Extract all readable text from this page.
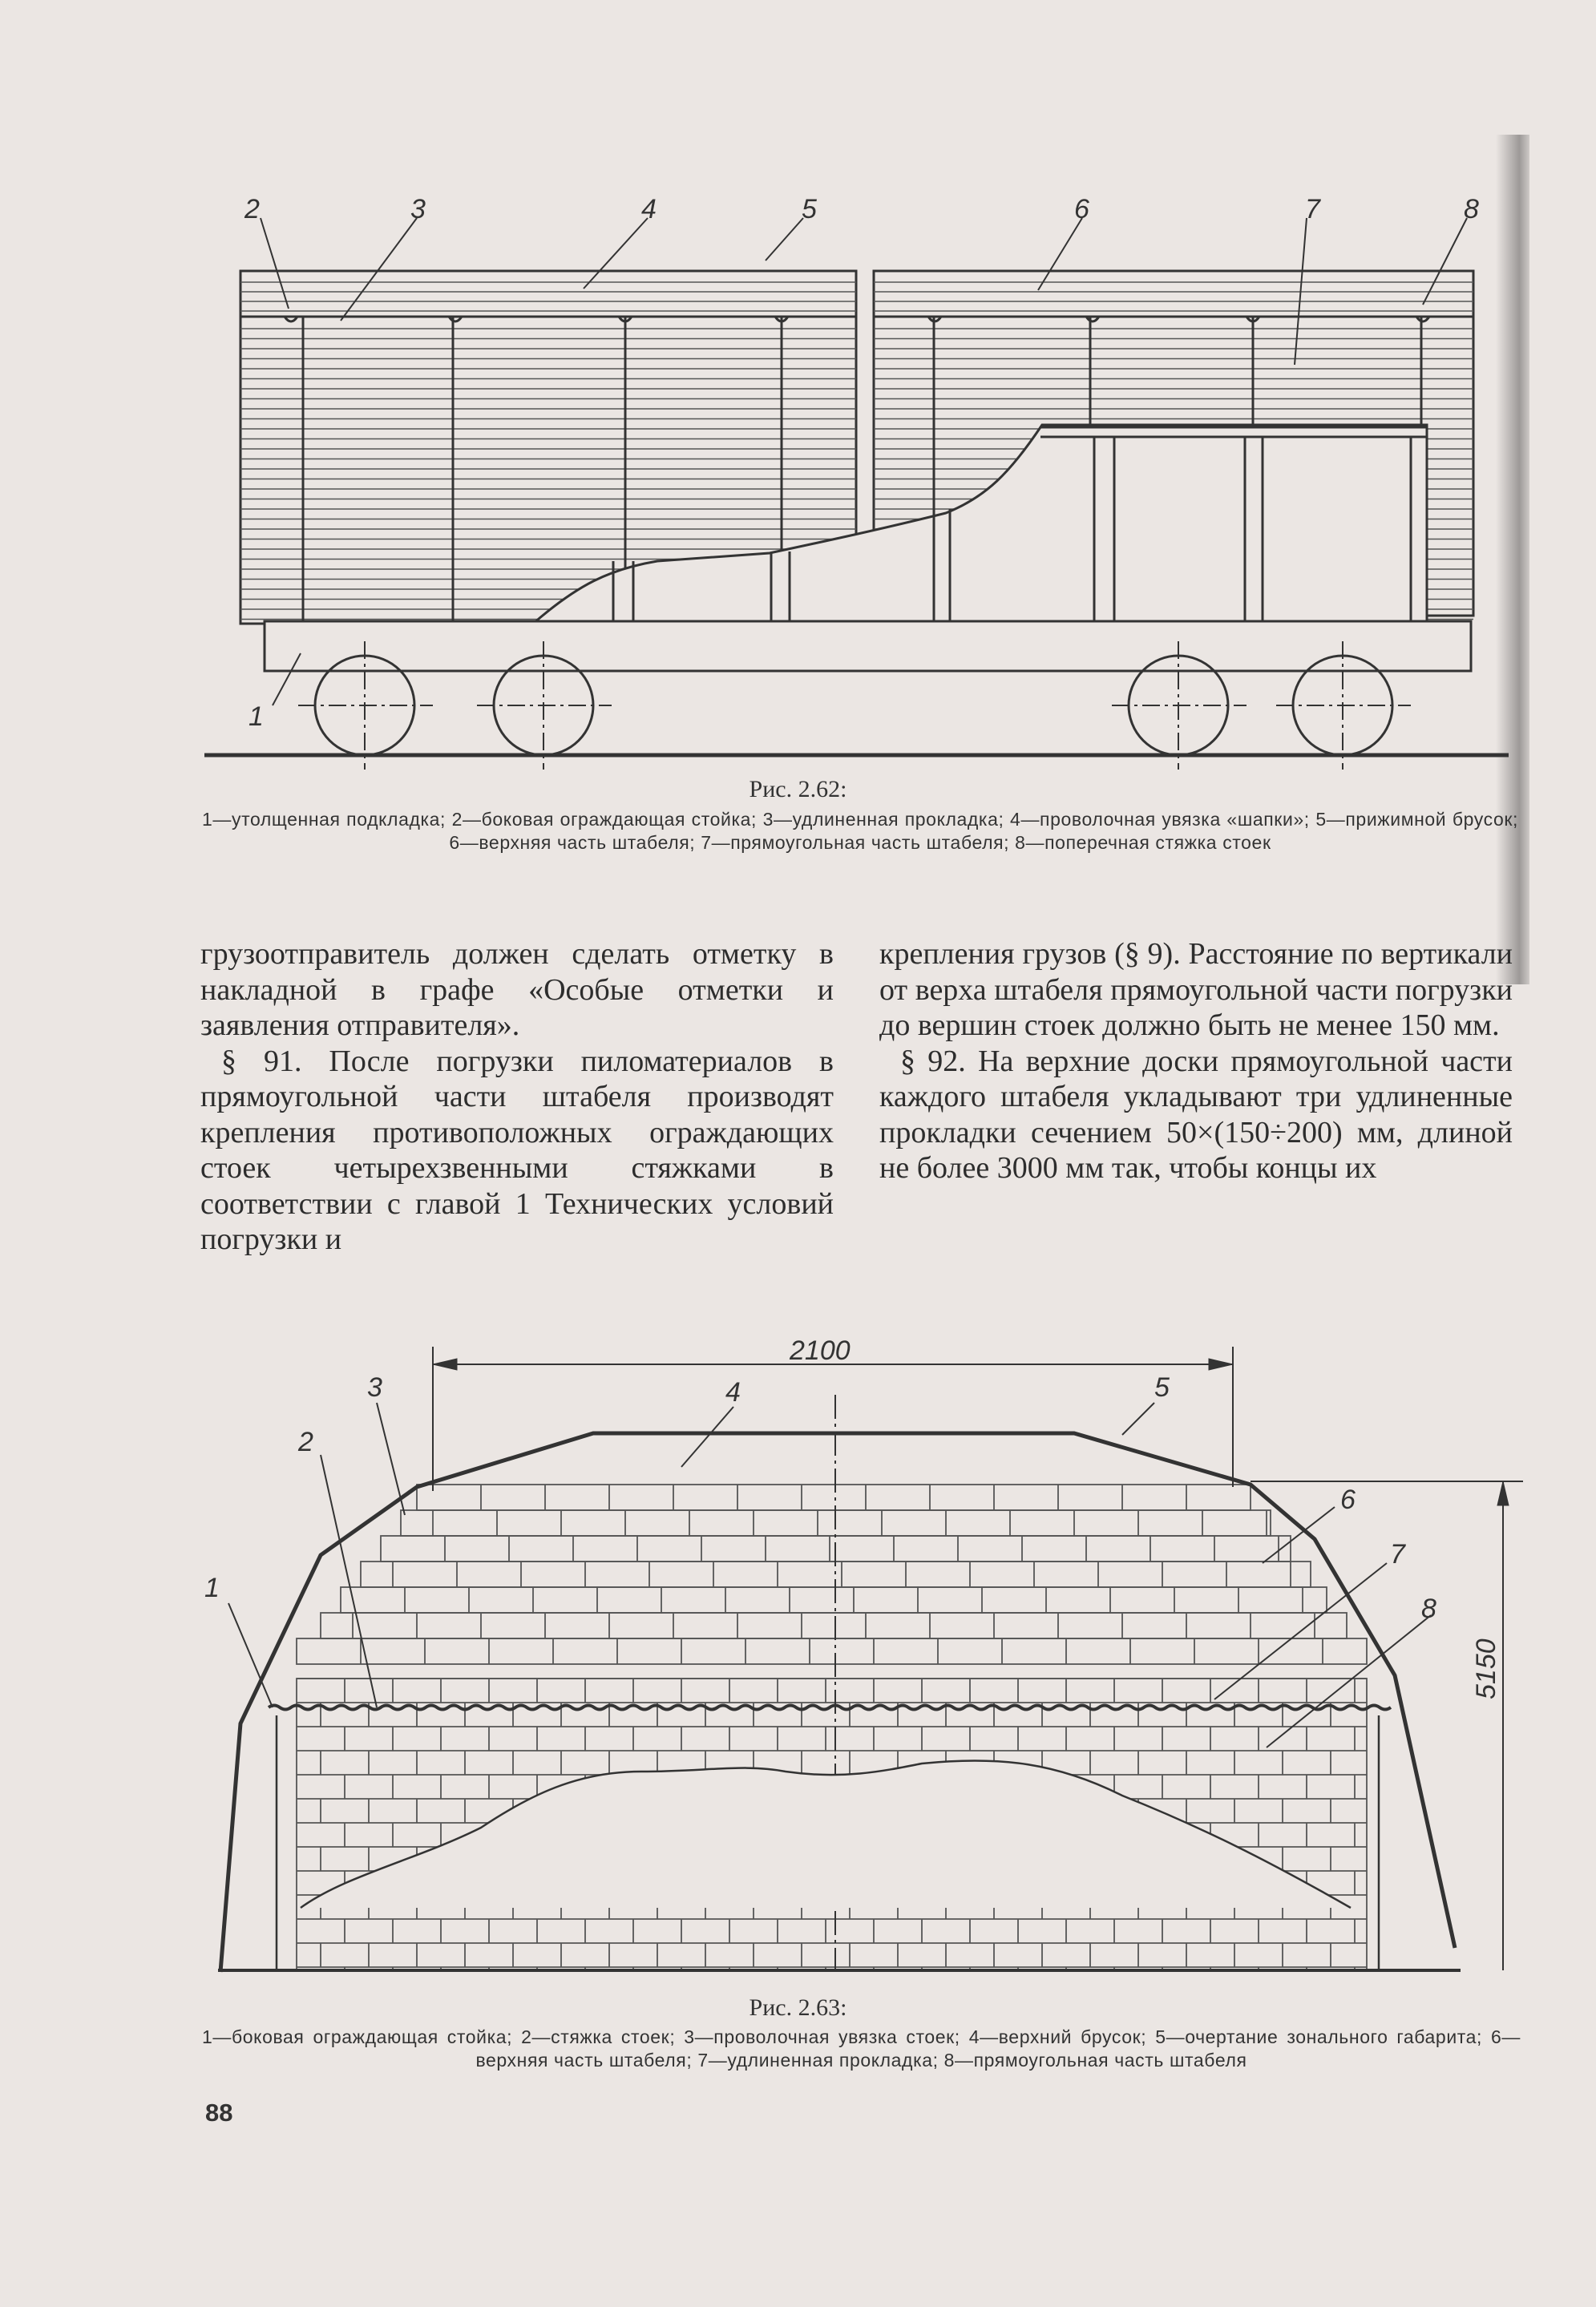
2	3	4	5	6	7	8
1
Рис. 2.62:
1—утолщенная подкладка; 2—боковая ограждающая стойка; 3—удлиненная прокладка; 4—проволочная увязка «шапки»; 5—прижимной брусок; 6—верхняя часть штабеля; 7—прямоугольная часть штабеля; 8—поперечная стяжка стоек

грузоотправитель должен сделать отметку в накладной в графе «Особые отметки и заявления отправителя».

§ 91. После погрузки пиломатериалов в прямоугольной части штабеля производят крепления противоположных ограждающих стоек четырехзвенными стяжками в соответствии с главой 1 Технических условий погрузки и

крепления грузов (§ 9). Расстояние по вертикали от верха штабеля прямоугольной части погрузки до вершин стоек должно быть не менее 150 мм.

§ 92. На верхние доски прямоугольной части каждого штабеля укладывают три удлиненные прокладки сечением 50×(150÷200) мм, длиной не более 3000 мм так, чтобы концы их

2100
5150
1
2
3	4	5
6
7
8
Рис. 2.63:
1—боковая ограждающая стойка; 2—стяжка стоек; 3—проволочная увязка стоек; 4—верхний брусок; 5—очертание зонального габарита; 6—верхняя часть штабеля; 7—удлиненная прокладка; 8—прямоугольная часть штабеля
88
